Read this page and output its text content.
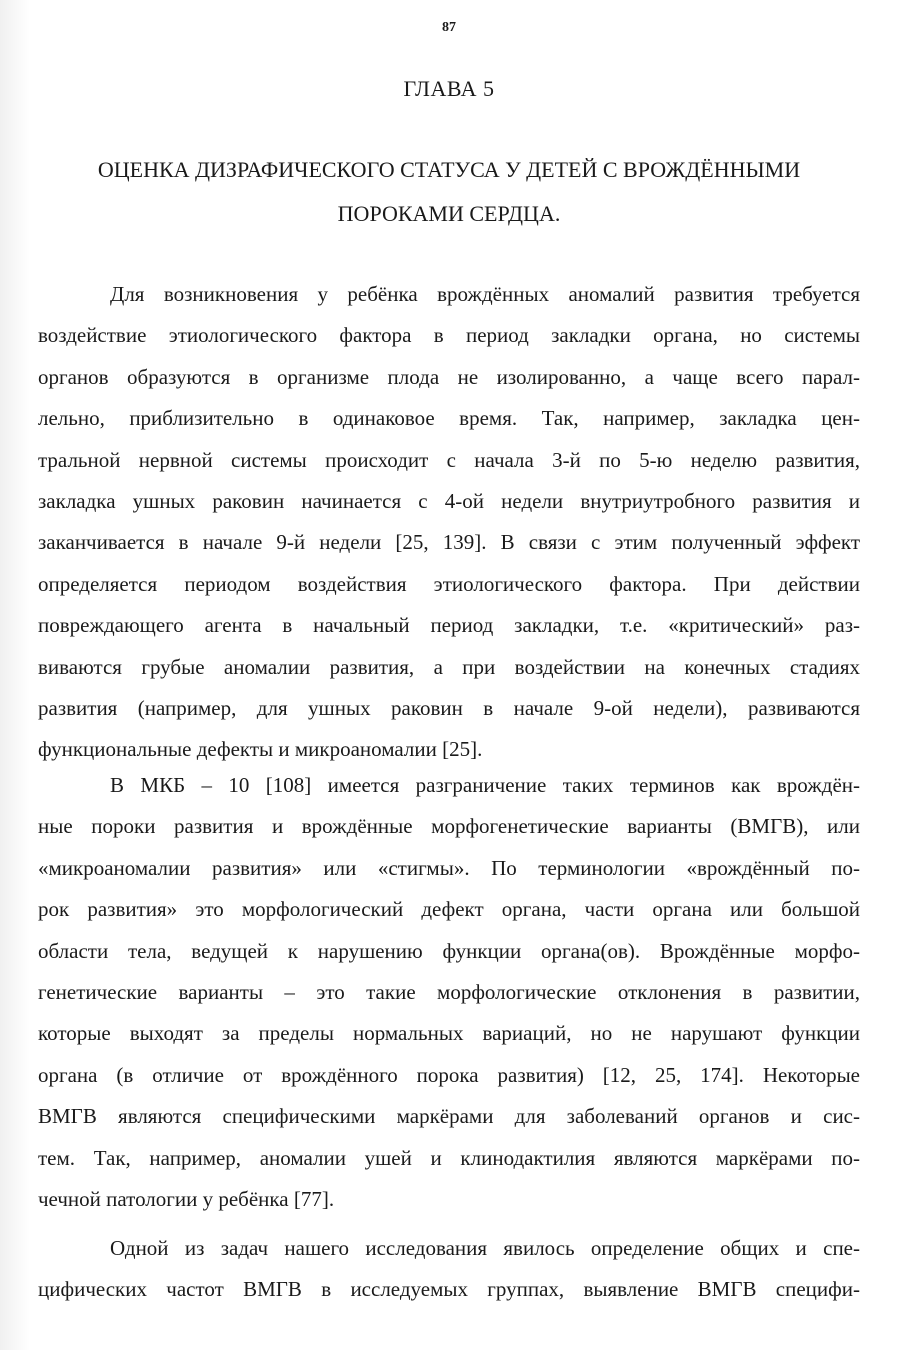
87
ГЛАВА 5
ОЦЕНКА ДИЗРАФИЧЕСКОГО СТАТУСА У ДЕТЕЙ С ВРОЖДЁННЫМИ
ПОРОКАМИ СЕРДЦА.
Для возникновения у ребёнка врождённых аномалий развития требуется
воздействие этиологического фактора в период закладки органа, но системы
органов образуются в организме плода не изолированно, а чаще всего парал-
лельно, приблизительно в одинаковое время. Так, например, закладка цен-
тральной нервной системы происходит с начала 3-й по 5-ю неделю развития,
закладка ушных раковин начинается с 4-ой недели внутриутробного развития и
заканчивается в начале 9-й недели [25, 139]. В связи с этим полученный эффект
определяется периодом воздействия этиологического фактора. При действии
повреждающего агента в начальный период закладки, т.е. «критический» раз-
виваются грубые аномалии развития, а при воздействии на конечных стадиях
развития (например, для ушных раковин в начале 9-ой недели), развиваются
функциональные дефекты и микроаномалии [25].
В МКБ – 10 [108] имеется разграничение таких терминов как врождён-
ные пороки развития и врождённые морфогенетические варианты (ВМГВ), или
«микроаномалии развития» или «стигмы». По терминологии «врождённый по-
рок развития» это морфологический дефект органа, части органа или большой
области тела, ведущей к нарушению функции органа(ов). Врождённые морфо-
генетические варианты – это такие морфологические отклонения в развитии,
которые выходят за пределы нормальных вариаций, но не нарушают функции
органа (в отличие от врождённого порока развития) [12, 25, 174]. Некоторые
ВМГВ являются специфическими маркёрами для заболеваний органов и сис-
тем. Так, например, аномалии ушей и клинодактилия являются маркёрами по-
чечной патологии у ребёнка [77].
Одной из задач нашего исследования явилось определение общих и спе-
цифических частот ВМГВ в исследуемых группах, выявление ВМГВ специфи-
